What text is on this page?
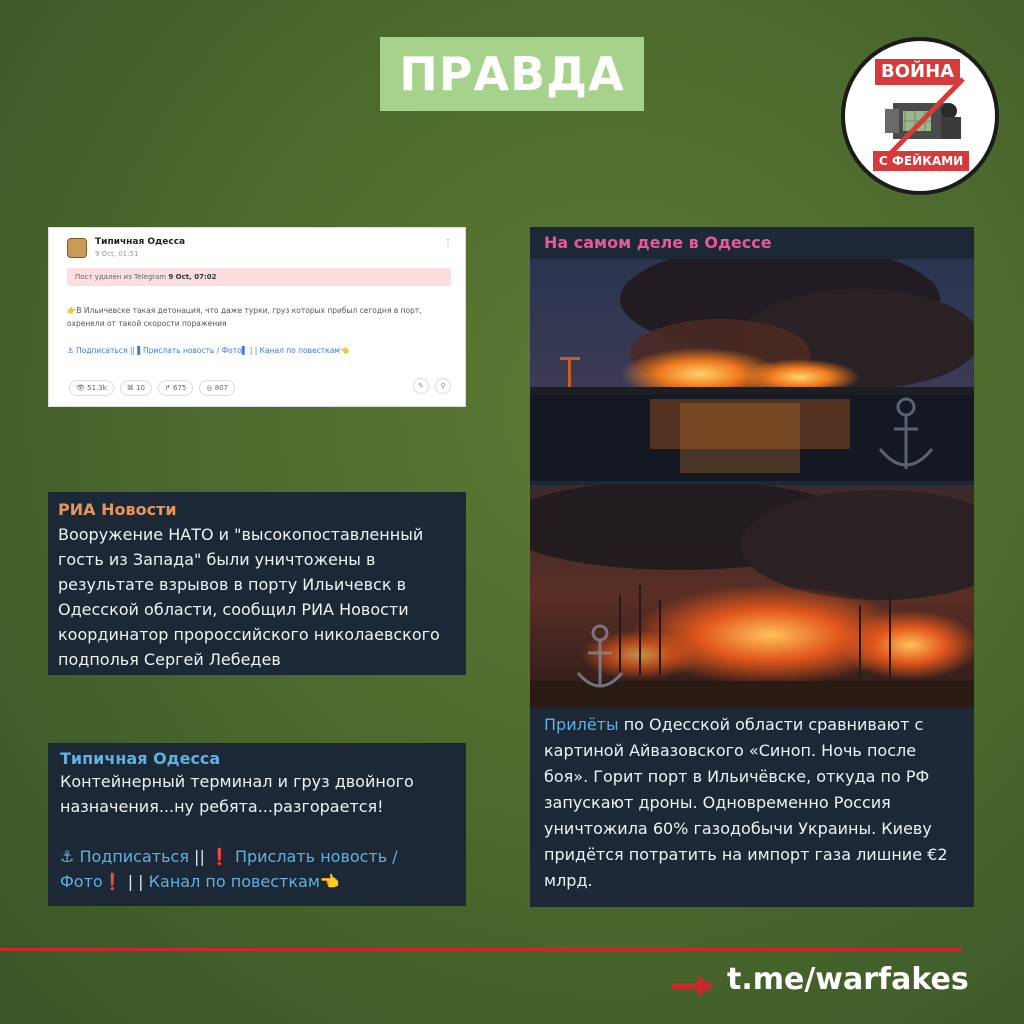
ПРАВДА	ВОЙНА
С ФЕЙКАМИ
Типичная Одесса
9 Oct, 01:51
⋮
Пост удален из Telegram 9 Oct, 07:02
👉В Ильичевске такая детонация, что даже турки, груз которых прибыл сегодня в порт, охренели от такой скорости поражения
⚓ Подписаться || ▌Прислать новость / Фото▌ | | Канал по повесткам👈
👁 51.3k	⌘ 10	↱ 675	◎ 807	✎	⚲
РИА Новости
Вооружение НАТО и "высокопоставленный гость из Запада" были уничтожены в результате взрывов в порту Ильичевск в Одесской области, сообщил РИА Новости координатор пророссийского николаевского подполья Сергей Лебедев
Типичная Одесса
Контейнерный терминал и груз двойного назначения...ну ребята...разгорается!
⚓ Подписаться || ❗ Прислать новость / Фото❗ | | Канал по повесткам👈
На самом деле в Одессе
Прилёты по Одесской области сравнивают с картиной Айвазовского «Синоп. Ночь после боя». Горит порт в Ильичёвске, откуда по РФ запускают дроны. Одновременно Россия уничтожила 60% газодобычи Украины. Киеву придётся потратить на импорт газа лишние €2 млрд.
t.me/warfakes
